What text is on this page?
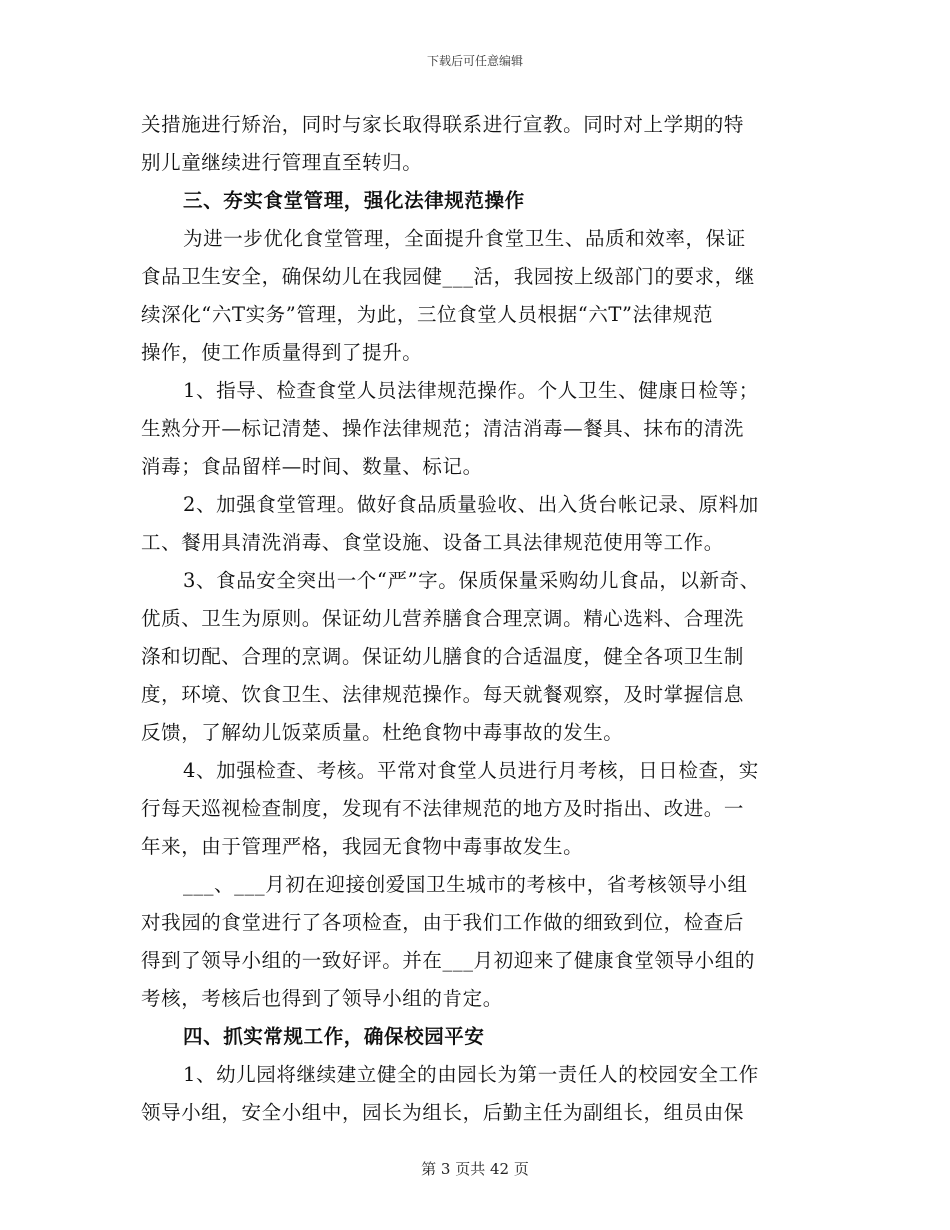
下载后可任意编辑
关措施进行矫治，同时与家长取得联系进行宣教。同时对上学期的特
别儿童继续进行管理直至转归。
三、夯实食堂管理，强化法律规范操作
为进一步优化食堂管理，全面提升食堂卫生、品质和效率，保证
食品卫生安全，确保幼儿在我园健___活，我园按上级部门的要求，继
续深化“六T实务”管理，为此，三位食堂人员根据“六T”法律规范
操作，使工作质量得到了提升。
1、指导、检查食堂人员法律规范操作。个人卫生、健康日检等；
生熟分开—标记清楚、操作法律规范；清洁消毒—餐具、抹布的清洗
消毒；食品留样—时间、数量、标记。
2、加强食堂管理。做好食品质量验收、出入货台帐记录、原料加
工、餐用具清洗消毒、食堂设施、设备工具法律规范使用等工作。
3、食品安全突出一个“严”字。保质保量采购幼儿食品，以新奇、
优质、卫生为原则。保证幼儿营养膳食合理烹调。精心选料、合理洗
涤和切配、合理的烹调。保证幼儿膳食的合适温度，健全各项卫生制
度，环境、饮食卫生、法律规范操作。每天就餐观察，及时掌握信息
反馈，了解幼儿饭菜质量。杜绝食物中毒事故的发生。
4、加强检查、考核。平常对食堂人员进行月考核，日日检查，实
行每天巡视检查制度，发现有不法律规范的地方及时指出、改进。一
年来，由于管理严格，我园无食物中毒事故发生。
___、___月初在迎接创爱国卫生城市的考核中，省考核领导小组
对我园的食堂进行了各项检查，由于我们工作做的细致到位，检查后
得到了领导小组的一致好评。并在___月初迎来了健康食堂领导小组的
考核，考核后也得到了领导小组的肯定。
四、抓实常规工作，确保校园平安
1、幼儿园将继续建立健全的由园长为第一责任人的校园安全工作
领导小组，安全小组中，园长为组长，后勤主任为副组长，组员由保
第 3 页共 42 页
